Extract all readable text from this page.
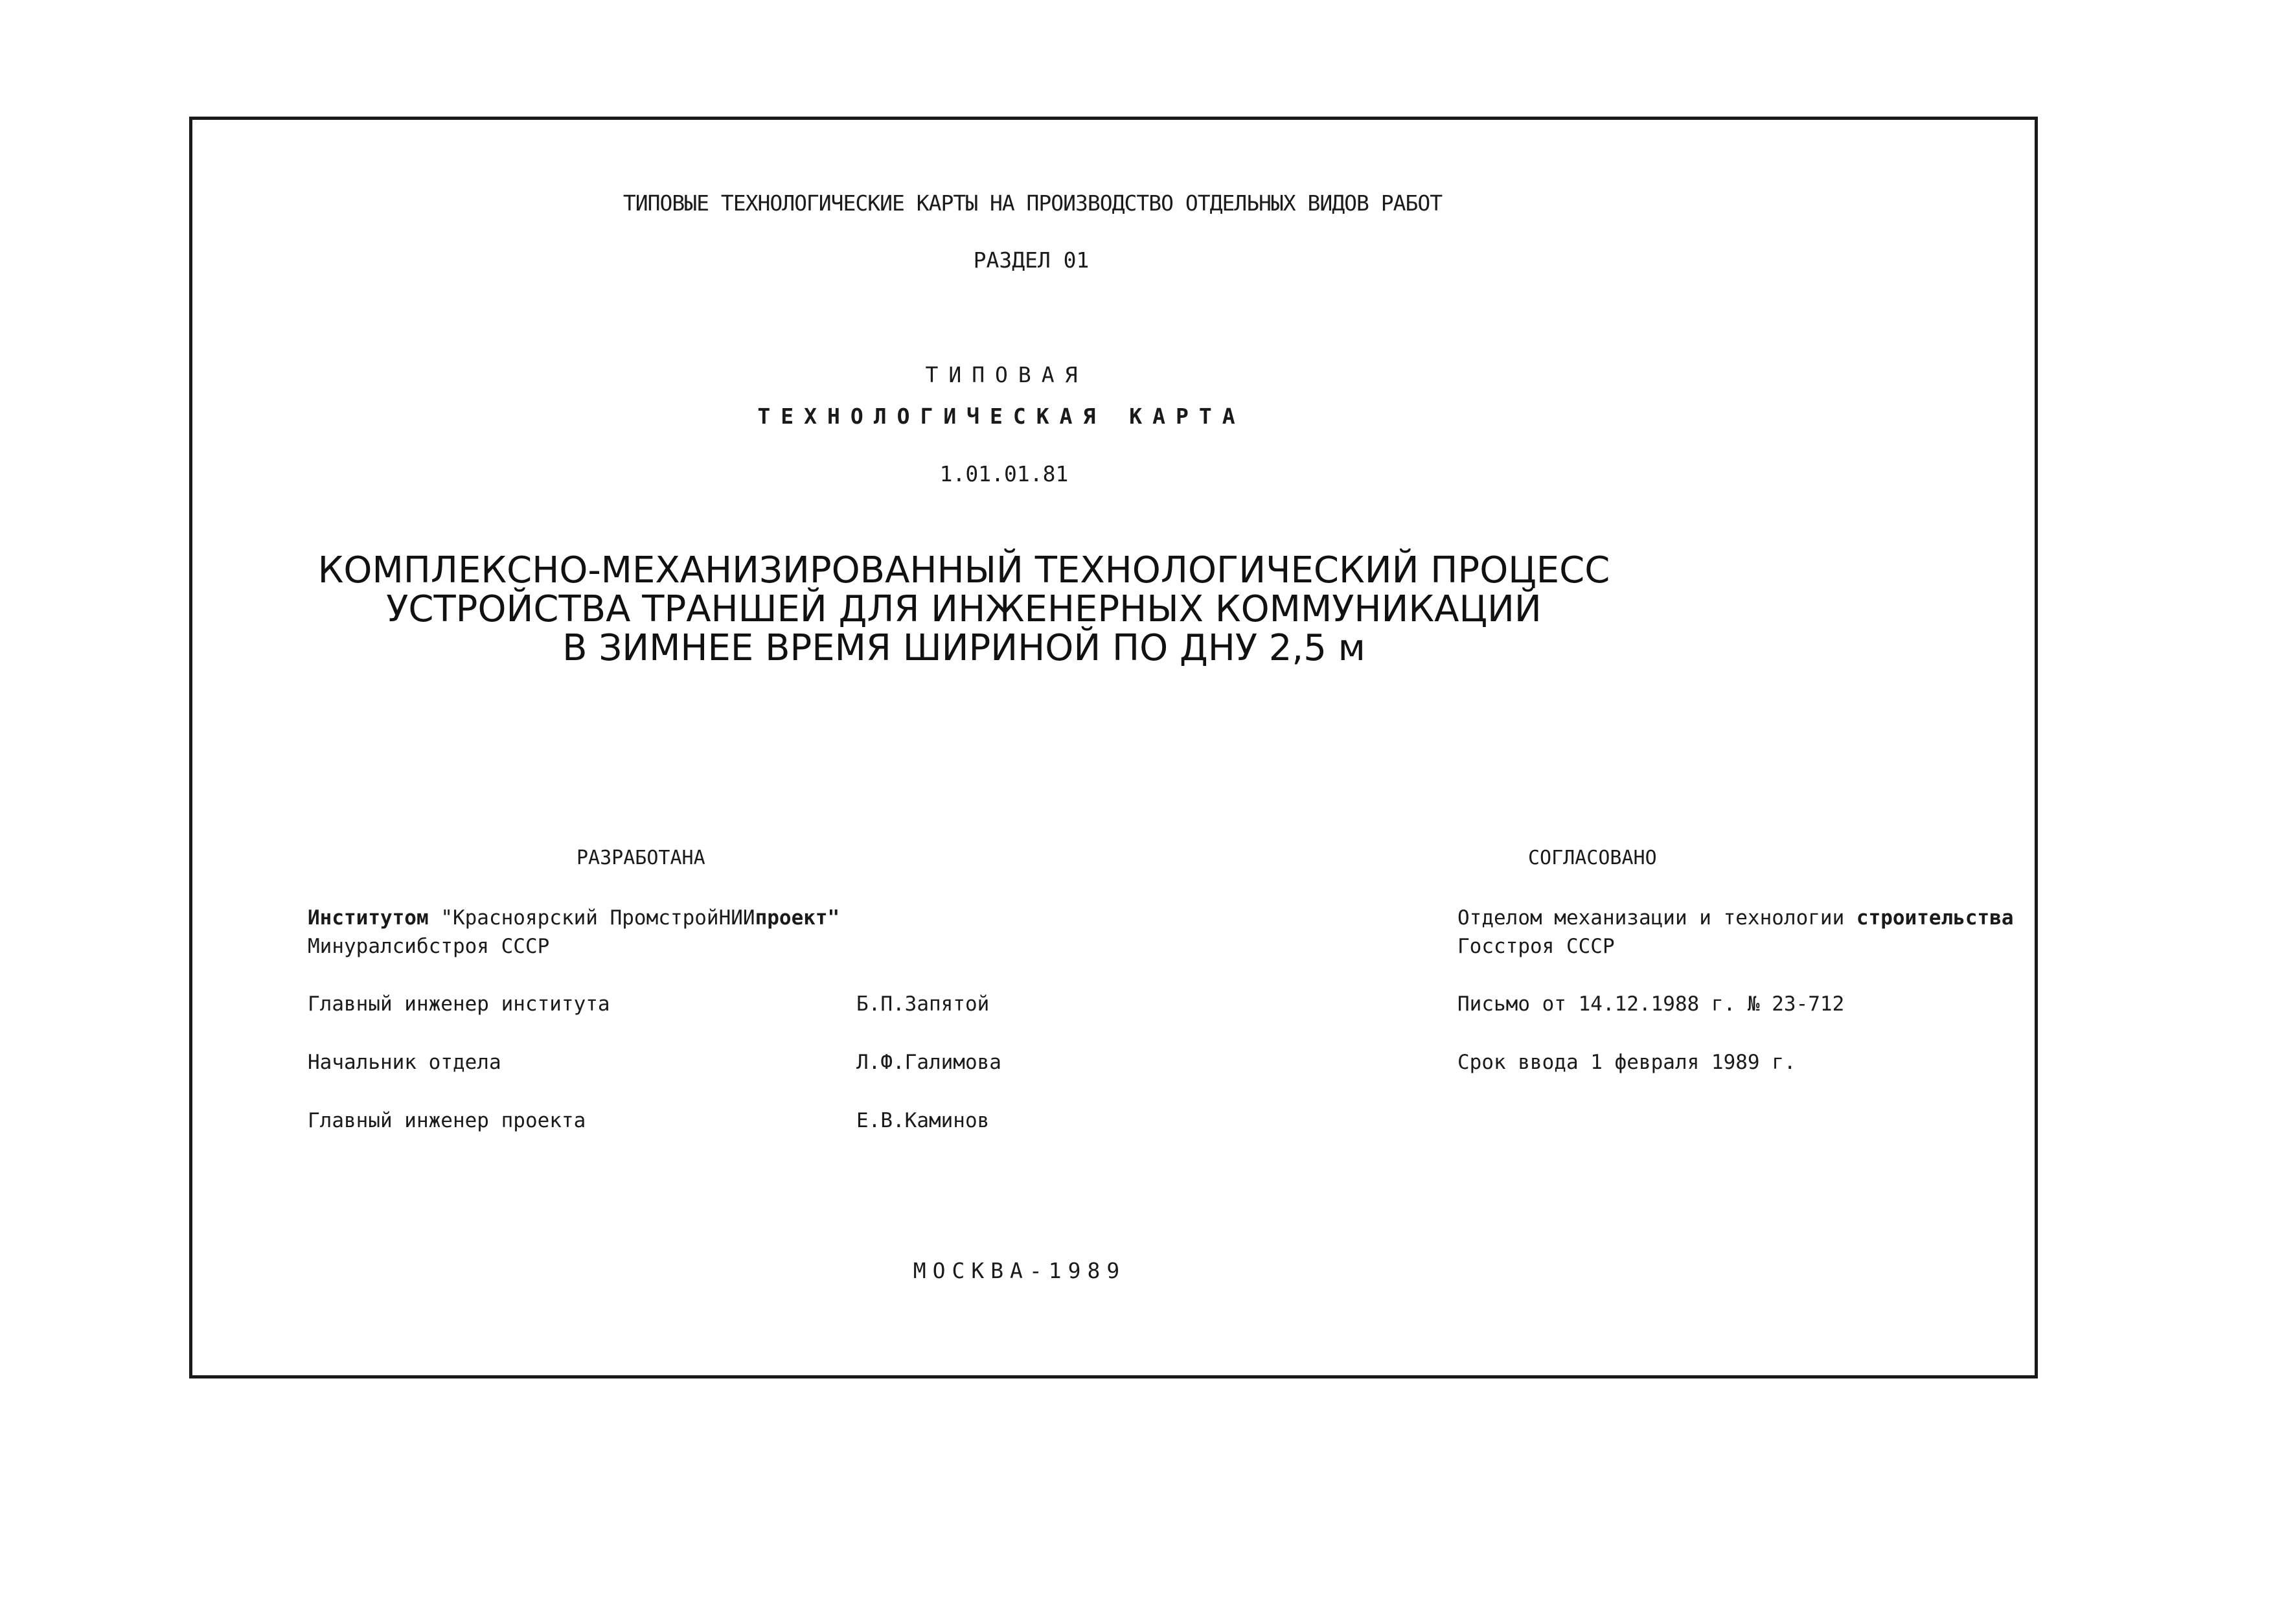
ТИПОВЫЕ ТЕХНОЛОГИЧЕСКИЕ КАРТЫ НА ПРОИЗВОДСТВО ОТДЕЛЬНЫХ ВИДОВ РАБОТ
РАЗДЕЛ 01
ТИПОВАЯ
ТЕХНОЛОГИЧЕСКАЯ КАРТА
1.01.01.81
КОМПЛЕКСНО-МЕХАНИЗИРОВАННЫЙ ТЕХНОЛОГИЧЕСКИЙ ПРОЦЕСС
УСТРОЙСТВА ТРАНШЕЙ ДЛЯ ИНЖЕНЕРНЫХ КОММУНИКАЦИЙ
В ЗИМНЕЕ ВРЕМЯ ШИРИНОЙ ПО ДНУ 2,5 м
РАЗРАБОТАНА
Институтом "Красноярский ПромстройНИИпроект"
Минуралсибстроя СССР
Главный инженер института	Б.П.Запятой
Начальник отдела	Л.Ф.Галимова
Главный инженер проекта	Е.В.Каминов
СОГЛАСОВАНО
Отделом механизации и технологии строительства
Госстроя СССР
Письмо от 14.12.1988 г. № 23-712
Срок ввода 1 февраля 1989 г.
МОСКВА-1989
